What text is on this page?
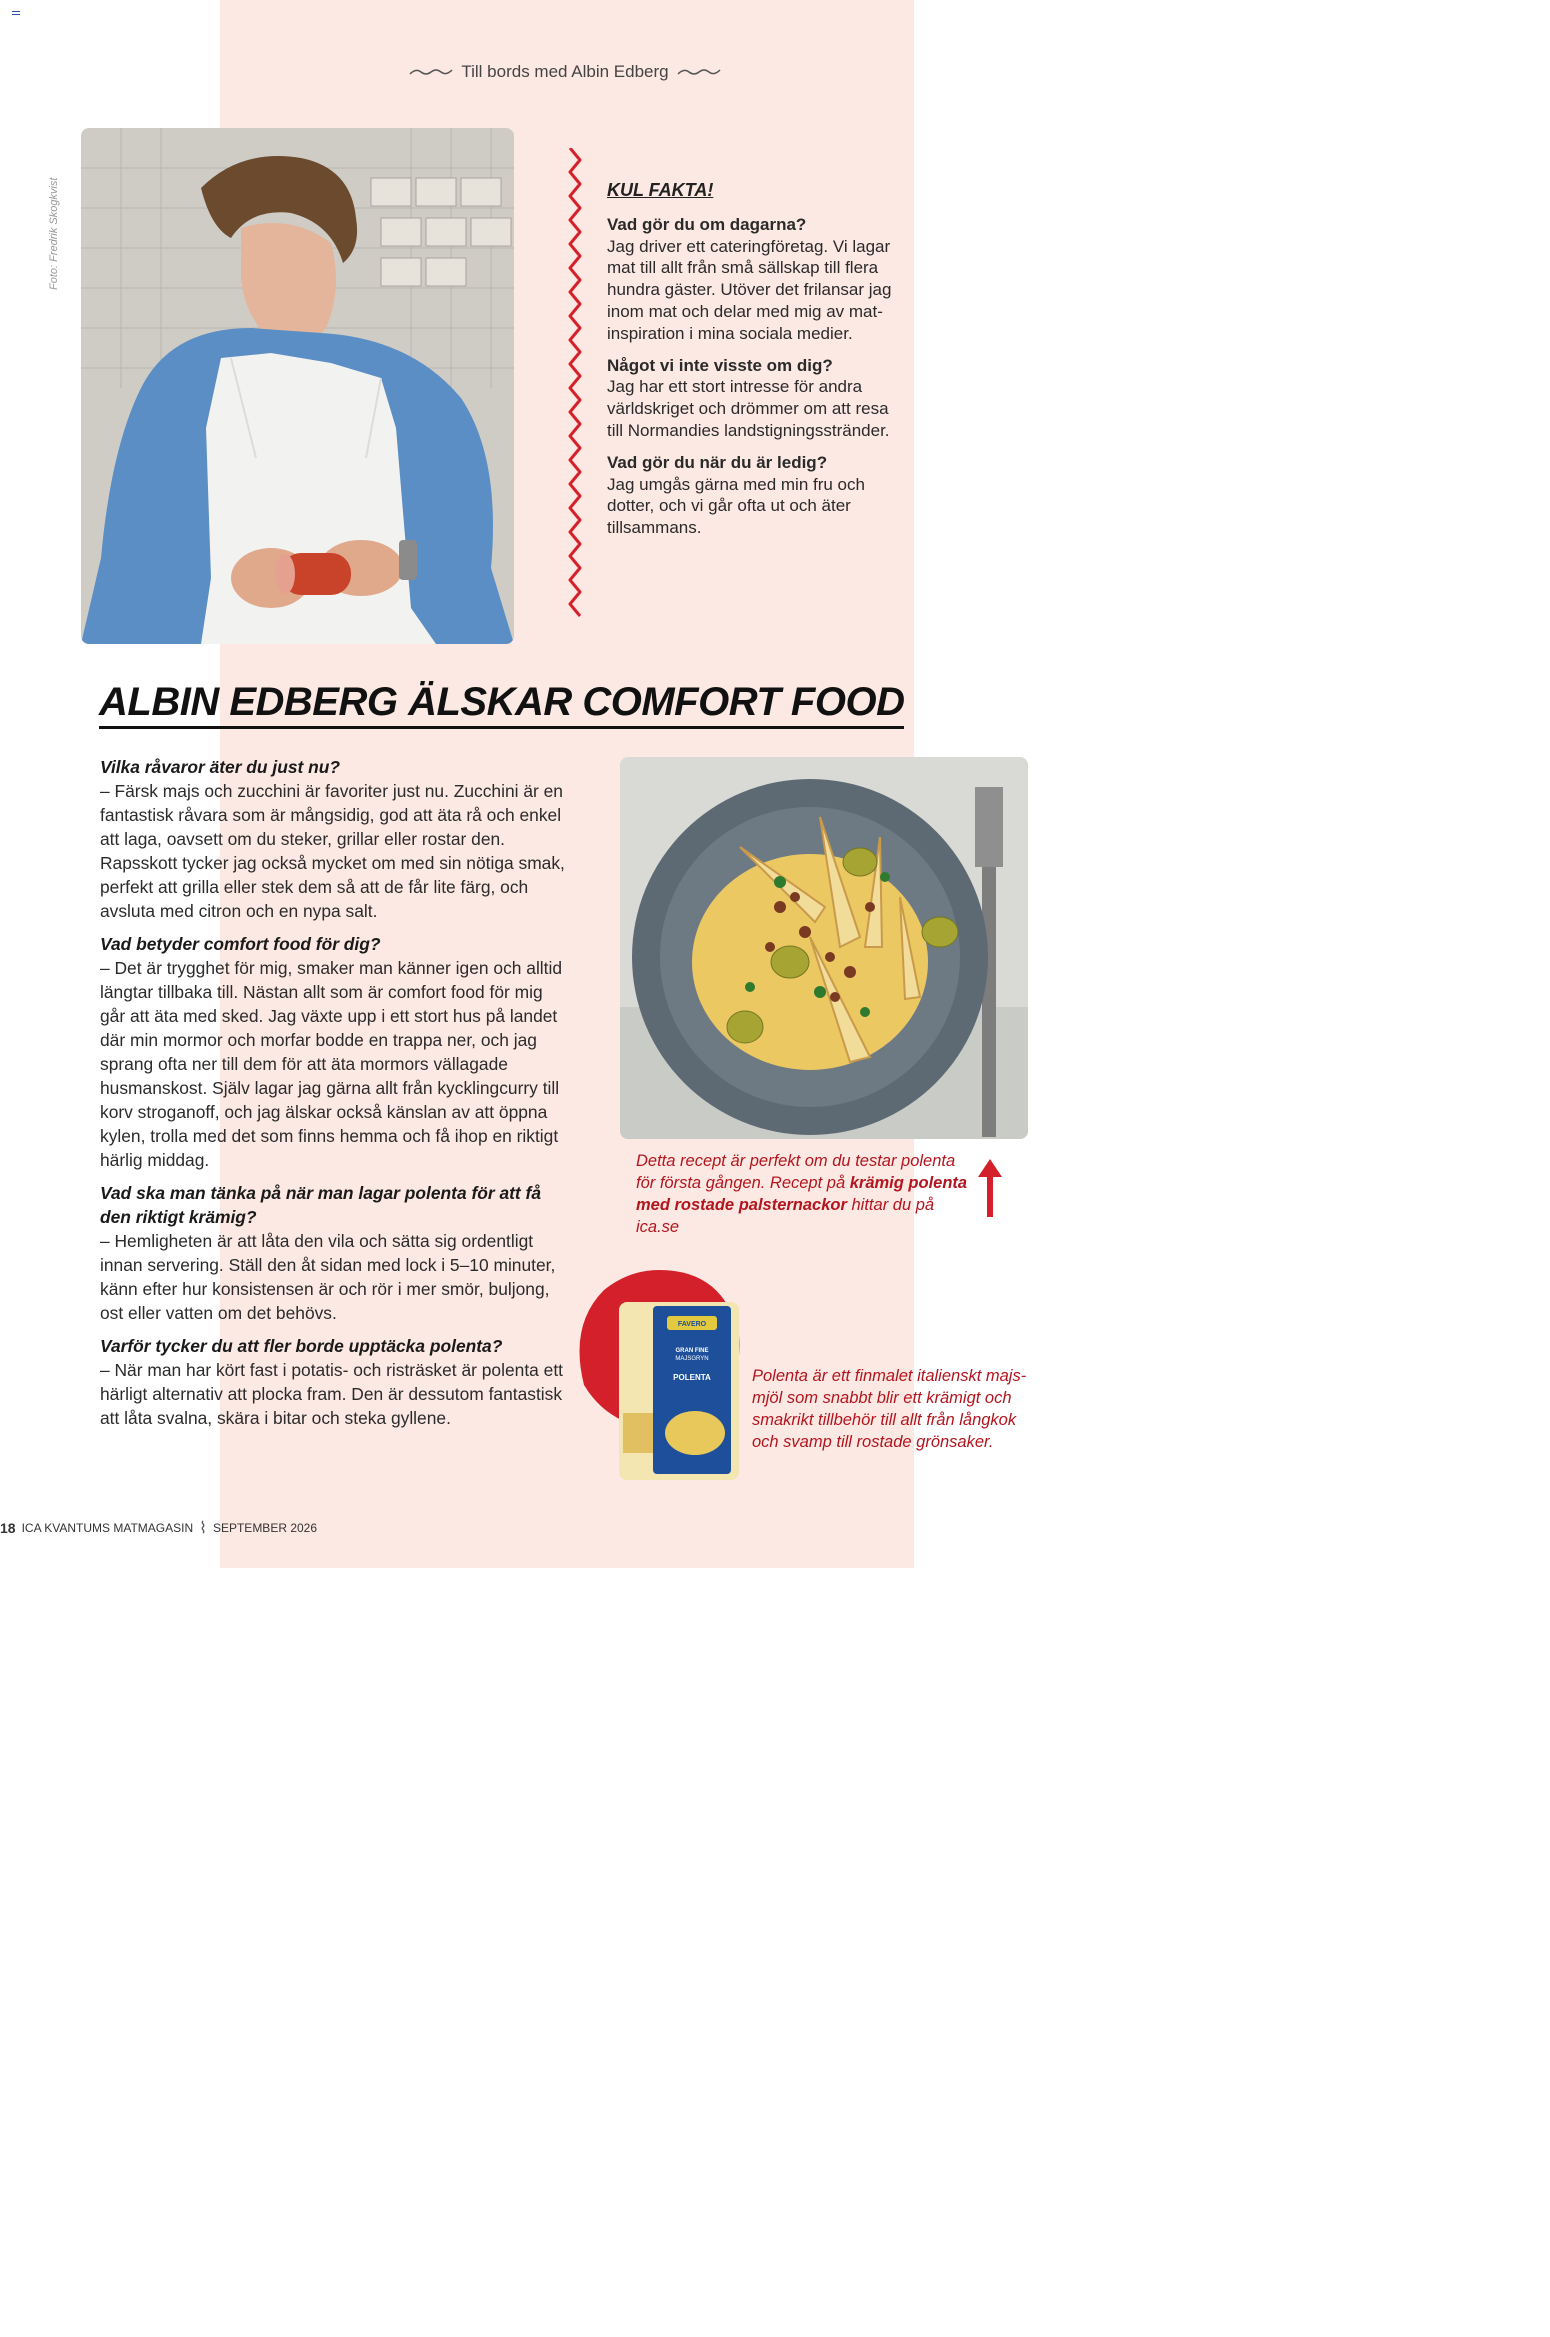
Till bords med Albin Edberg
Foto: Fredrik Skogkvist	KUL FAKTA!

Vad gör du om dagarna?

Jag driver ett cateringföretag. Vi lagar mat till allt från små sällskap till flera hundra gäster. Utöver det frilansar jag inom mat och delar med mig av matinspiration i mina sociala medier.

Något vi inte visste om dig?

Jag har ett stort intresse för andra världskriget och drömmer om att resa till Normandies landstigningsstränder.

Vad gör du när du är ledig?

Jag umgås gärna med min fru och dotter, och vi går ofta ut och äter tillsammans.

ALBIN EDBERG ÄLSKAR COMFORT FOOD

Vilka råvaror äter du just nu?

– Färsk majs och zucchini är favoriter just nu. Zucchini är en fantastisk råvara som är mångsidig, god att äta rå och enkel att laga, oavsett om du steker, grillar eller rostar den. Rapsskott tycker jag också mycket om med sin nötiga smak, perfekt att grilla eller stek dem så att de får lite färg, och avsluta med citron och en nypa salt.

Vad betyder comfort food för dig?

– Det är trygghet för mig, smaker man känner igen och alltid längtar tillbaka till. Nästan allt som är comfort food för mig går att äta med sked. Jag växte upp i ett stort hus på landet där min mormor och morfar bodde en trappa ner, och jag sprang ofta ner till dem för att äta mormors vällagade husmanskost. Själv lagar jag gärna allt från kycklingcurry till korv stroganoff, och jag älskar också känslan av att öppna kylen, trolla med det som finns hemma och få ihop en riktigt härlig middag.

Vad ska man tänka på när man lagar polenta för att få den riktigt krämig?

– Hemligheten är att låta den vila och sätta sig ordentligt innan servering. Ställ den åt sidan med lock i 5–10 minuter, känn efter hur konsistensen är och rör i mer smör, buljong, ost eller vatten om det behövs.

Varför tycker du att fler borde upptäcka polenta?

– När man har kört fast i potatis- och risträsket är polenta ett härligt alternativ att plocka fram. Den är dessutom fantastisk att låta svalna, skära i bitar och steka gyllene.

Detta recept är perfekt om du testar polenta för första gången. Recept på krämig polenta med rostade palsternackor hittar du på ica.se
FAVERO
GRAN FINE
MAJSGRYN
POLENTA Polenta är ett finmalet italienskt majsmjöl som snabbt blir ett krämigt och smakrikt tillbehör till allt från långkok och svamp till rostade grönsaker.
18 ICA KVANTUMS MATMAGASIN ⌇ SEPTEMBER 2026
